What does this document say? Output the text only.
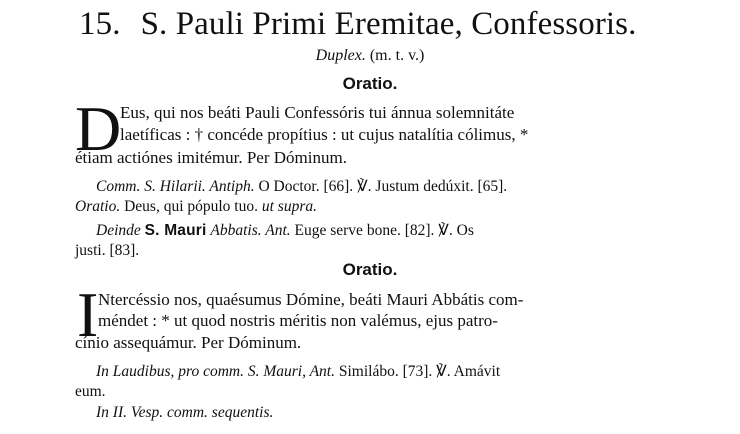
15. S. Pauli Primi Eremitae, Confessoris.
Duplex. (m. t. v.)
Oratio.
D
Eus, qui nos beáti Pauli Confessóris tui ánnua solemnitáte
laetíficas : † concéde propítius : ut cujus natalítia cólimus, *
étiam actiónes imitémur. Per Dóminum.
Comm. S. Hilarii. Antiph. O Doctor. [66]. ℣. Justum dedúxit. [65].
Oratio. Deus, qui pópulo tuo. ut supra.
Deinde S. Mauri Abbatis. Ant. Euge serve bone. [82]. ℣. Os
justi. [83].
Oratio.
I Ntercéssio nos, quaésumus Dómine, beáti Mauri Abbátis com-
méndet : * ut quod nostris méritis non valémus, ejus patro-
cínio assequámur. Per Dóminum.
In Laudibus, pro comm. S. Mauri, Ant. Similábo. [73]. ℣. Amávit
eum.
In II. Vesp. comm. sequentis.
